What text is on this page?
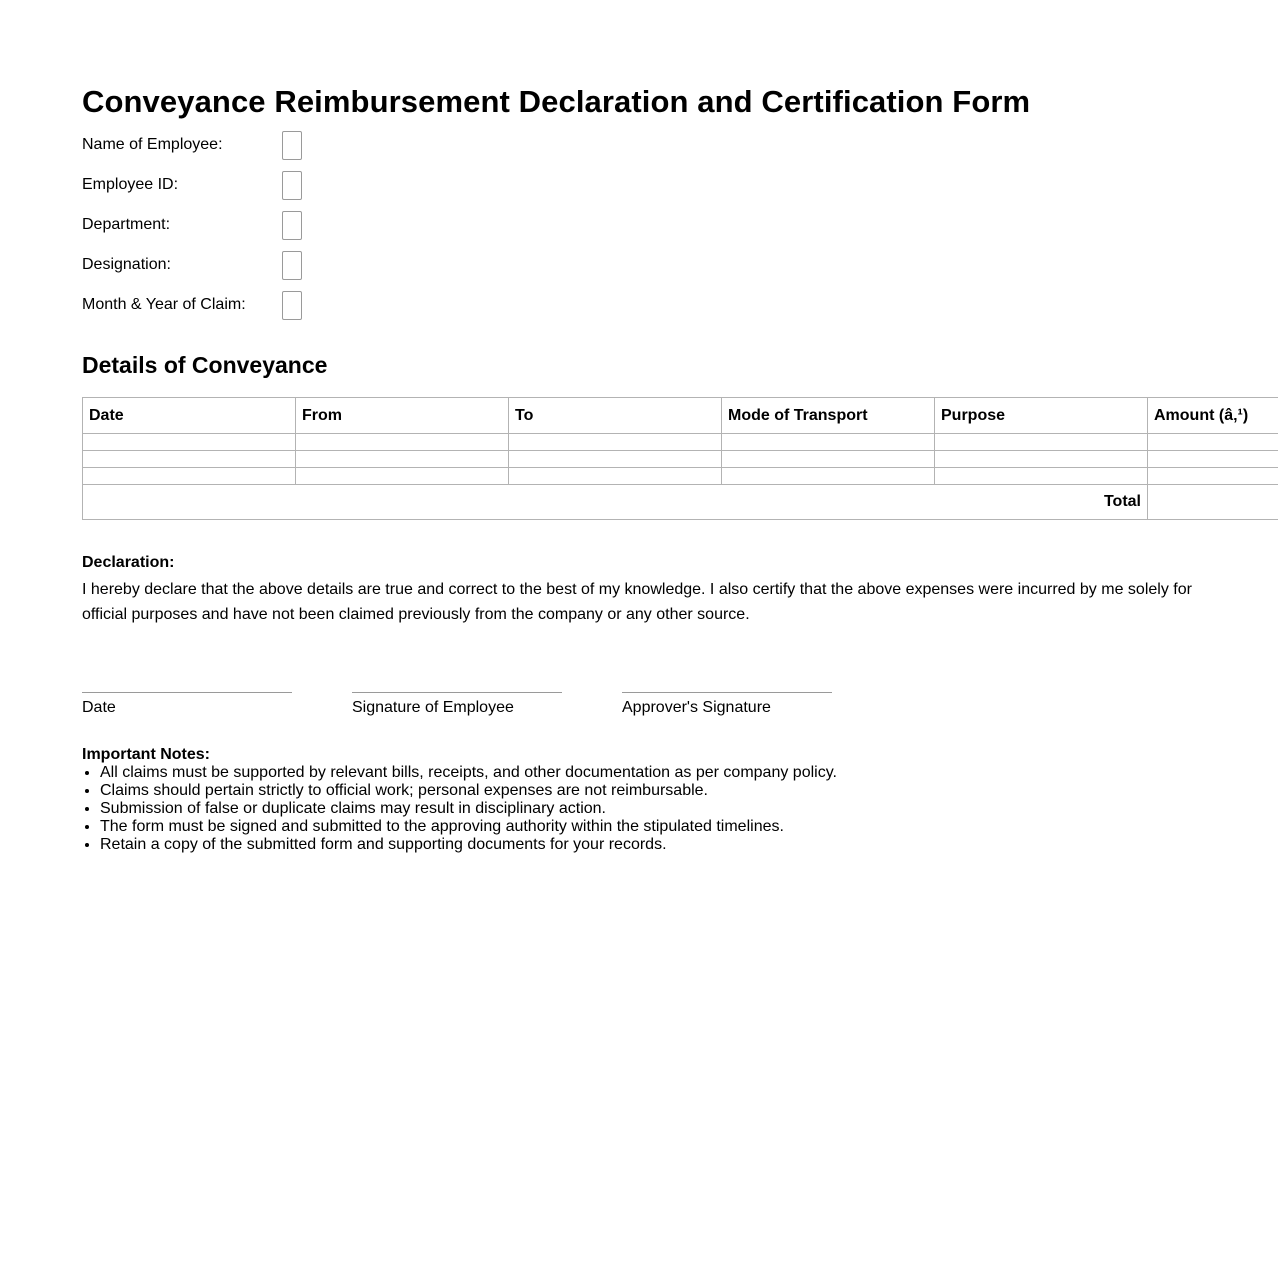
Conveyance Reimbursement Declaration and Certification Form
Name of Employee:
Employee ID:
Department:
Designation:
Month & Year of Claim:
Details of Conveyance
Date	From	To	Mode of Transport	Purpose	Amount (â‚¹)

Total					
Declaration:
I hereby declare that the above details are true and correct to the best of my knowledge. I also certify that the above expenses were incurred by me solely for official purposes and have not been claimed previously from the company or any other source.
Date	Signature of Employee	Approver's Signature
Important Notes:
• All claims must be supported by relevant bills, receipts, and other documentation as per company policy.
• Claims should pertain strictly to official work; personal expenses are not reimbursable.
• Submission of false or duplicate claims may result in disciplinary action.
• The form must be signed and submitted to the approving authority within the stipulated timelines.
• Retain a copy of the submitted form and supporting documents for your records.
